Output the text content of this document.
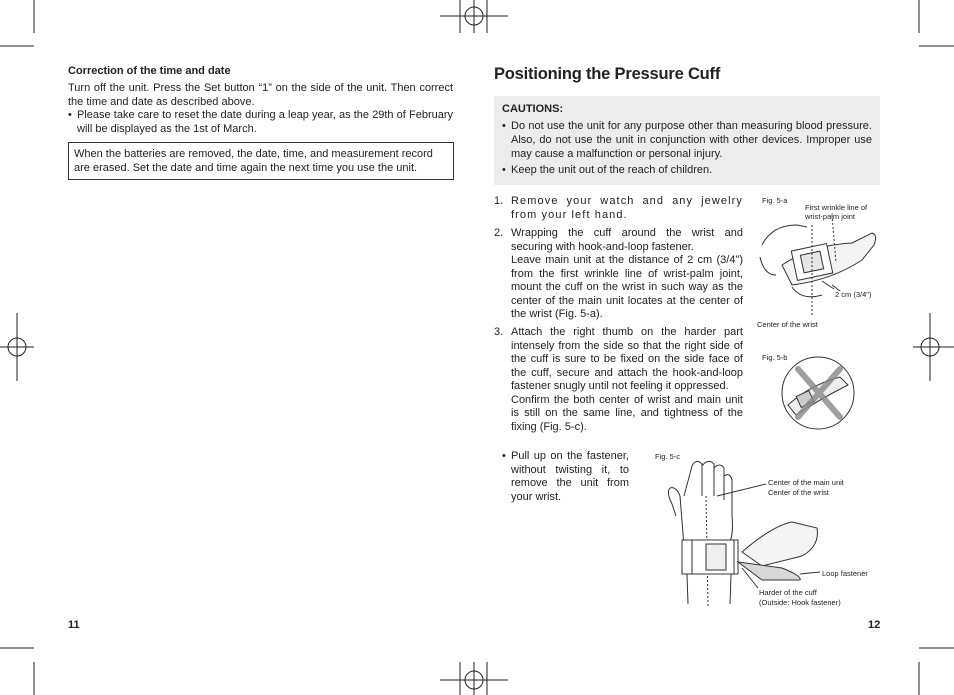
Correction of the time and date
Turn off the unit. Press the Set button “1” on the side of the unit. Then correct the time and date as described above.
• Please take care to reset the date during a leap year, as the 29th of February will be displayed as the 1st of March.
When the batteries are removed, the date, time, and measurement record are erased. Set the date and time again the next time you use the unit.
11
Positioning the Pressure Cuff
CAUTIONS:
• Do not use the unit for any purpose other than measuring blood pressure. Also, do not use the unit in conjunction with other devices. Improper use may cause a malfunction or personal injury.
• Keep the unit out of the reach of children.
1. Remove your watch and any jewelry from your left hand.
2. Wrapping the cuff around the wrist and securing with hook-and-loop fastener.
Leave main unit at the distance of 2 cm (3/4") from the first wrinkle line of wrist-palm joint, mount the cuff on the wrist in such way as the center of the main unit locates at the center of the wrist (Fig. 5-a).
3. Attach the right thumb on the harder part intensely from the side so that the right side of the cuff is sure to be fixed on the side face of the cuff, secure and attach the hook-and-loop fastener snugly until not feeling it oppressed.
Confirm the both center of wrist and main unit is still on the same line, and tightness of the fixing (Fig. 5-c).
• Pull up on the fastener, without twisting it, to remove the unit from your wrist.
Fig. 5-a
First wrinkle line of wrist-palm joint
2 cm (3/4")
Center of the wrist
Fig. 5-b
Fig. 5-c
Center of the main unit
Center of the wrist
Loop fastener
Harder of the cuff
(Outside: Hook fastener)
12
